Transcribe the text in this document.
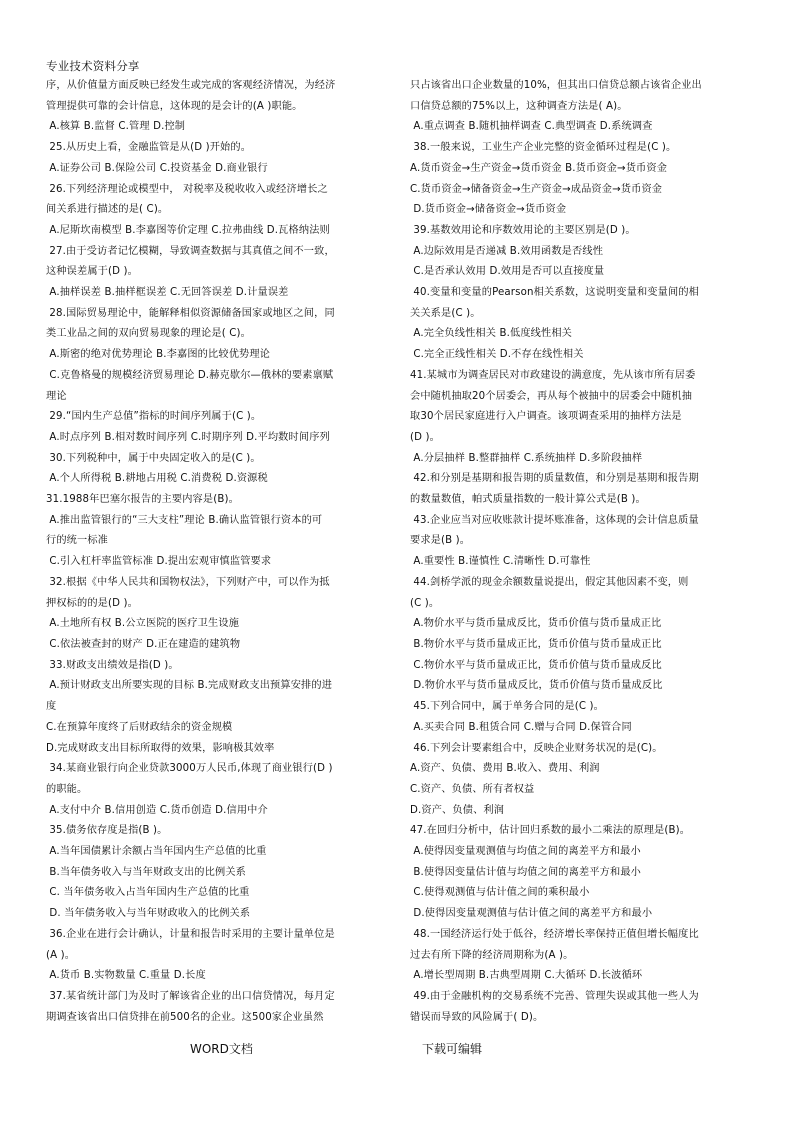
专业技术资料分享

序，从价值量方面反映已经发生或完成的客观经济情况，为经济

管理提供可靠的会计信息，这体现的是会计的(A )职能。

A.核算 B.监督 C.管理 D.控制

25.从历史上看，金融监管是从(D )开始的。

A.证券公司 B.保险公司 C.投资基金 D.商业银行

26.下列经济理论或模型中， 对税率及税收收入或经济增长之

间关系进行描述的是( C)。

A.尼斯坎南模型 B.李嘉图等价定理 C.拉弗曲线 D.瓦格纳法则

27.由于受访者记忆模糊，导致调查数据与其真值之间不一致，

这种误差属于(D )。

A.抽样误差 B.抽样框误差 C.无回答误差 D.计量误差

28.国际贸易理论中，能解释相似资源储备国家或地区之间，同

类工业品之间的双向贸易现象的理论是( C)。

A.斯密的绝对优势理论 B.李嘉图的比较优势理论

C.克鲁格曼的规模经济贸易理论 D.赫克歇尔—俄林的要素禀赋

理论

29.“国内生产总值”指标的时间序列属于(C )。

A.时点序列 B.相对数时间序列 C.时期序列 D.平均数时间序列

30.下列税种中，属于中央固定收入的是(C )。

A.个人所得税 B.耕地占用税 C.消费税 D.资源税

31.1988年巴塞尔报告的主要内容是(B)。

A.推出监管银行的“三大支柱”理论 B.确认监管银行资本的可

行的统一标准

C.引入杠杆率监管标准 D.提出宏观审慎监管要求

32.根据《中华人民共和国物权法》，下列财产中，可以作为抵

押权标的的是(D )。

A.土地所有权 B.公立医院的医疗卫生设施

C.依法被查封的财产 D.正在建造的建筑物

33.财政支出绩效是指(D )。

A.预计财政支出所要实现的目标 B.完成财政支出预算安排的进

度

C.在预算年度终了后财政结余的资金规模

D.完成财政支出目标所取得的效果，影响极其效率

34.某商业银行向企业贷款3000万人民币,体现了商业银行(D )

的职能。

A.支付中介 B.信用创造 C.货币创造 D.信用中介

35.债务依存度是指(B )。

A.当年国债累计余额占当年国内生产总值的比重

B.当年债务收入与当年财政支出的比例关系

C. 当年债务收入占当年国内生产总值的比重

D. 当年债务收入与当年财政收入的比例关系

36.企业在进行会计确认，计量和报告时采用的主要计量单位是

(A )。

A.货币 B.实物数量 C.重量 D.长度

37.某省统计部门为及时了解该省企业的出口信贷情况，每月定

期调查该省出口信贷排在前500名的企业。这500家企业虽然

只占该省出口企业数量的10%，但其出口信贷总额占该省企业出

口信贷总额的75%以上，这种调查方法是( A)。

A.重点调查 B.随机抽样调查 C.典型调查 D.系统调查

38.一般来说，工业生产企业完整的资金循环过程是(C )。

A.货币资金→生产资金→货币资金 B.货币资金→货币资金

C.货币资金→储备资金→生产资金→成品资金→货币资金

D.货币资金→储备资金→货币资金

39.基数效用论和序数效用论的主要区别是(D )。

A.边际效用是否递减 B.效用函数是否线性

C.是否承认效用 D.效用是否可以直接度量

40.变量和变量的Pearson相关系数，这说明变量和变量间的相

关关系是(C )。

A.完全负线性相关 B.低度线性相关

C.完全正线性相关 D.不存在线性相关

41.某城市为调查居民对市政建设的满意度，先从该市所有居委

会中随机抽取20个居委会，再从每个被抽中的居委会中随机抽

取30个居民家庭进行入户调查。该项调查采用的抽样方法是

(D )。

A.分层抽样 B.整群抽样 C.系统抽样 D.多阶段抽样

42.和分别是基期和报告期的质量数值，和分别是基期和报告期

的数量数值，帕式质量指数的一般计算公式是(B )。

43.企业应当对应收账款计提坏账准备，这体现的会计信息质量

要求是(B )。

A.重要性 B.谨慎性 C.清晰性 D.可靠性

44.剑桥学派的现金余额数量说提出，假定其他因素不变，则

(C )。

A.物价水平与货币量成反比，货币价值与货币量成正比

B.物价水平与货币量成正比，货币价值与货币量成正比

C.物价水平与货币量成正比，货币价值与货币量成反比

D.物价水平与货币量成反比，货币价值与货币量成反比

45.下列合同中，属于单务合同的是(C )。

A.买卖合同 B.租赁合同 C.赠与合同 D.保管合同

46.下列会计要素组合中，反映企业财务状况的是(C)。

A.资产、负债、费用 B.收入、费用、利润

C.资产、负债、所有者权益

D.资产、负债、利润

47.在回归分析中，估计回归系数的最小二乘法的原理是(B)。

A.使得因变量观测值与均值之间的离差平方和最小

B.使得因变量估计值与均值之间的离差平方和最小

C.使得观测值与估计值之间的乘积最小

D.使得因变量观测值与估计值之间的离差平方和最小

48.一国经济运行处于低谷，经济增长率保持正值但增长幅度比

过去有所下降的经济周期称为(A )。

A.增长型周期 B.古典型周期 C.大循环 D.长波循环

49.由于金融机构的交易系统不完善、管理失误或其他一些人为

错误而导致的风险属于( D)。

WORD文档	下载可编辑
